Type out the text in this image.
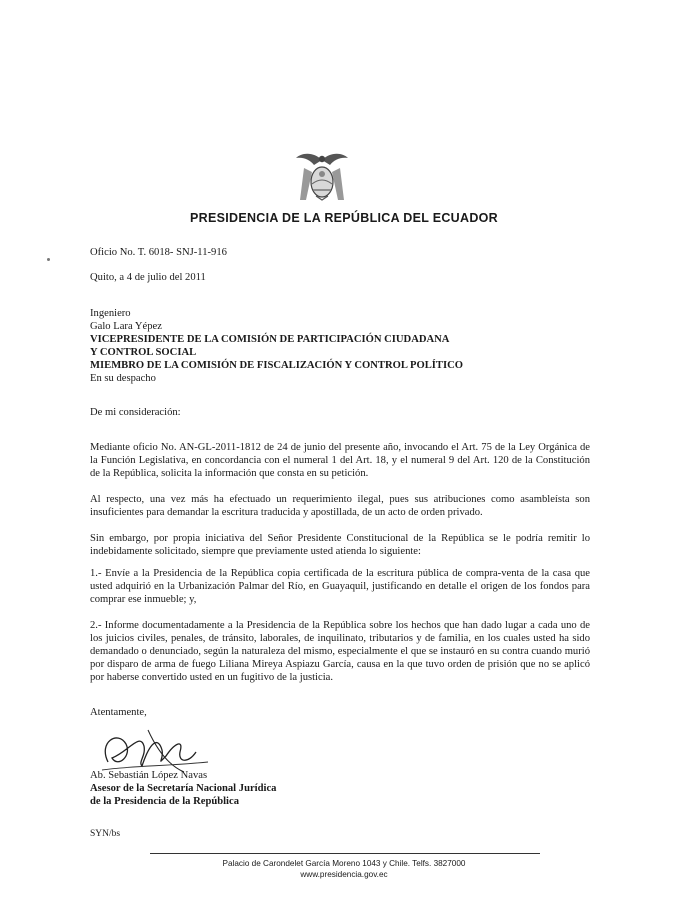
PRESIDENCIA DE LA REPÚBLICA DEL ECUADOR
Oficio No. T. 6018- SNJ-11-916
Quito, a 4 de julio del 2011
Ingeniero
Galo Lara Yépez
VICEPRESIDENTE DE LA COMISIÓN DE PARTICIPACIÓN CIUDADANA
Y CONTROL SOCIAL
MIEMBRO DE LA COMISIÓN DE FISCALIZACIÓN Y CONTROL POLÍTICO
En su despacho
De mi consideración:
Mediante oficio No. AN-GL-2011-1812 de 24 de junio del presente año, invocando el Art. 75 de la Ley Orgánica de la Función Legislativa, en concordancia con el numeral 1 del Art. 18, y el numeral 9 del Art. 120 de la Constitución de la República, solicita la información que consta en su petición.
Al respecto, una vez más ha efectuado un requerimiento ilegal, pues sus atribuciones como asambleísta son insuficientes para demandar la escritura traducida y apostillada, de un acto de orden privado.
Sin embargo, por propia iniciativa del Señor Presidente Constitucional de la República se le podría remitir lo indebidamente solicitado, siempre que previamente usted atienda lo siguiente:
1.- Envíe a la Presidencia de la República copia certificada de la escritura pública de compra-venta de la casa que usted adquirió en la Urbanización Palmar del Río, en Guayaquil, justificando en detalle el origen de los fondos para comprar ese inmueble; y,
2.- Informe documentadamente a la Presidencia de la República sobre los hechos que han dado lugar a cada uno de los juicios civiles, penales, de tránsito, laborales, de inquilinato, tributarios y de familia, en los cuales usted ha sido demandado o denunciado, según la naturaleza del mismo, especialmente el que se instauró en su contra cuando murió por disparo de arma de fuego Liliana Mireya Aspiazu García, causa en la que tuvo orden de prisión que no se aplicó por haberse convertido usted en un fugitivo de la justicia.
Atentamente,
Ab. Sebastián López Navas
Asesor de la Secretaría Nacional Jurídica
de la Presidencia de la República
SYN/bs
Palacio de Carondelet García Moreno 1043 y Chile. Telfs. 3827000
www.presidencia.gov.ec
